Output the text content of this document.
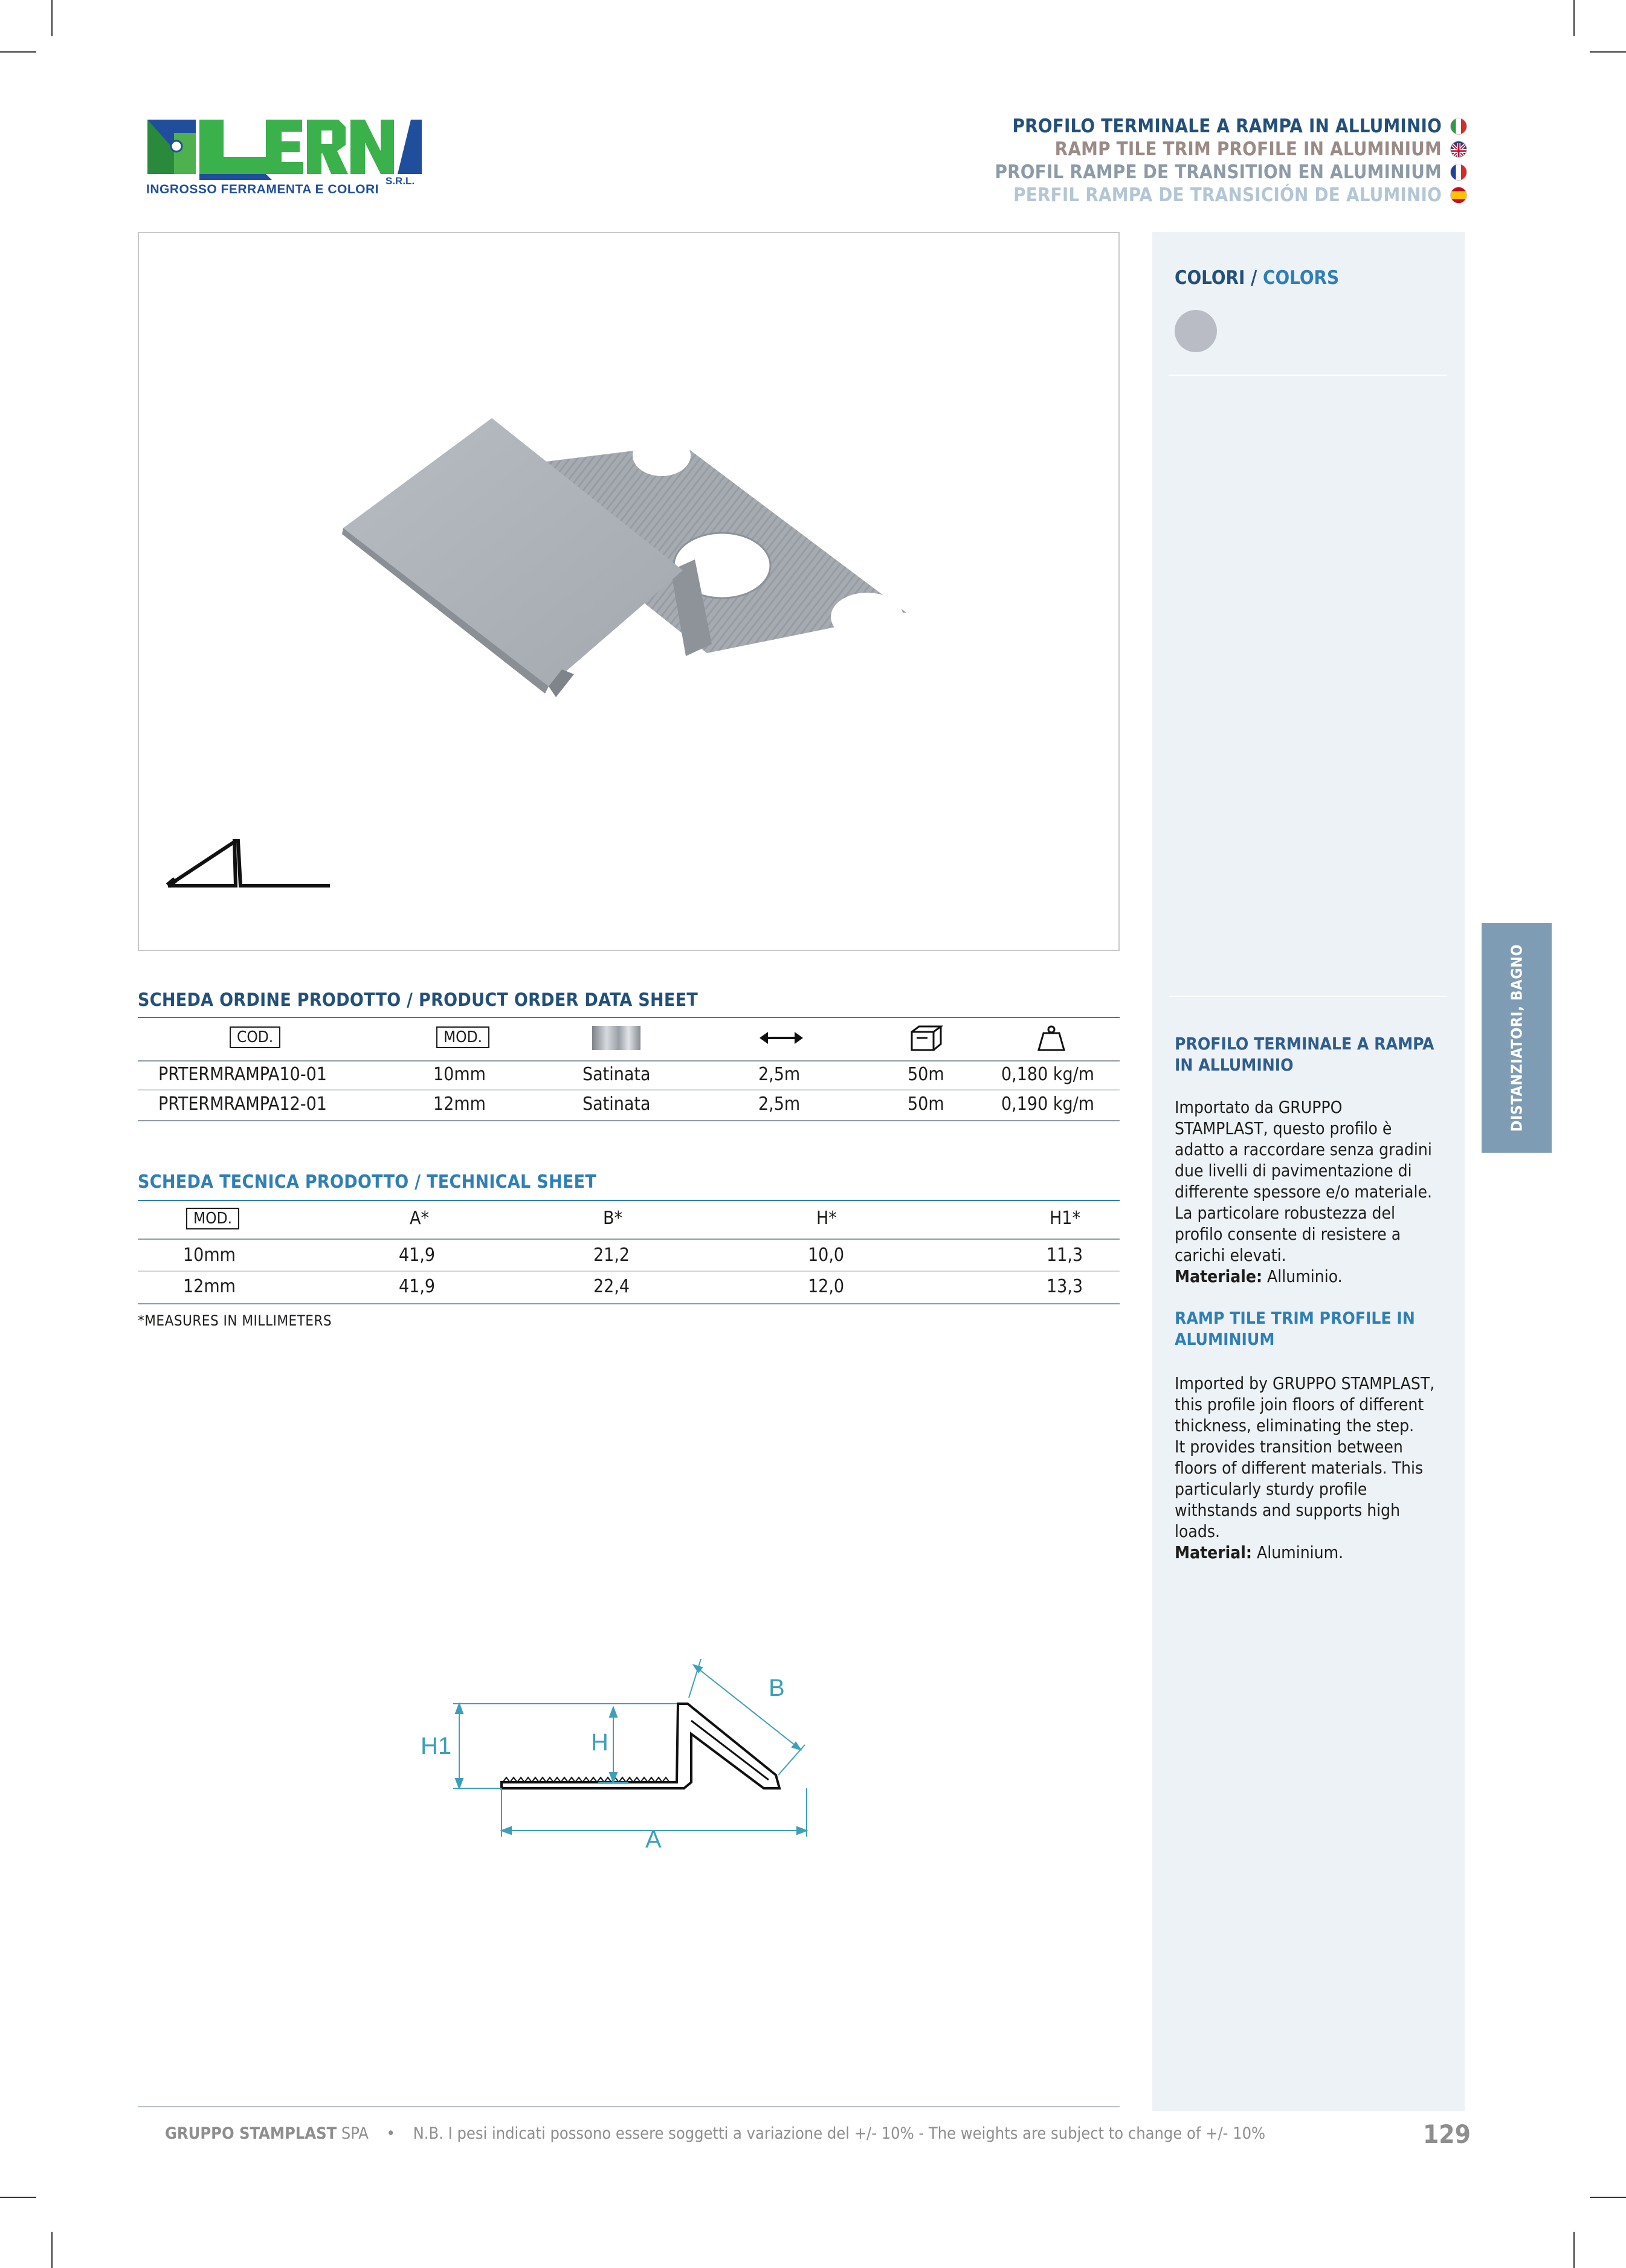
S.R.L.
INGROSSO FERRAMENTA E COLORI
PROFILO TERMINALE A RAMPA IN ALLUMINIO
RAMP TILE TRIM PROFILE IN ALUMINIUM
PROFIL RAMPE DE TRANSITION EN ALUMINIUM
PERFIL RAMPA DE TRANSICIÓN DE ALUMINIO
COLORI / COLORS
DISTANZIATORI, BAGNO
PROFILO TERMINALE A RAMPA IN ALLUMINIO
Importato da GRUPPO STAMPLAST, questo profilo è adatto a raccordare senza gradini due livelli di pavimentazione di differente spessore e/o materiale. La particolare robustezza del profilo consente di resistere a carichi elevati.
Materiale: Alluminio.
RAMP TILE TRIM PROFILE IN ALUMINIUM
Imported by GRUPPO STAMPLAST, this profile join floors of different thickness, eliminating the step.
It provides transition between floors of different materials. This particularly sturdy profile withstands and supports high loads.
Material: Aluminium.
SCHEDA ORDINE PRODOTTO / PRODUCT ORDER DATA SHEET
COD.	MOD.
PRTERMRAMPA10-01	10mm	Satinata	2,5m	50m	0,180 kg/m
PRTERMRAMPA12-01	12mm	Satinata	2,5m	50m	0,190 kg/m
SCHEDA TECNICA PRODOTTO / TECHNICAL SHEET
MOD.	A*	B*	H*	H1*
10mm	41,9	21,2	10,0	11,3
12mm	41,9	22,4	12,0	13,3
*MEASURES IN MILLIMETERS
B
H
H1
A
GRUPPO STAMPLAST SPA • N.B. I pesi indicati possono essere soggetti a variazione del +/- 10% - The weights are subject to change of +/- 10%	129
